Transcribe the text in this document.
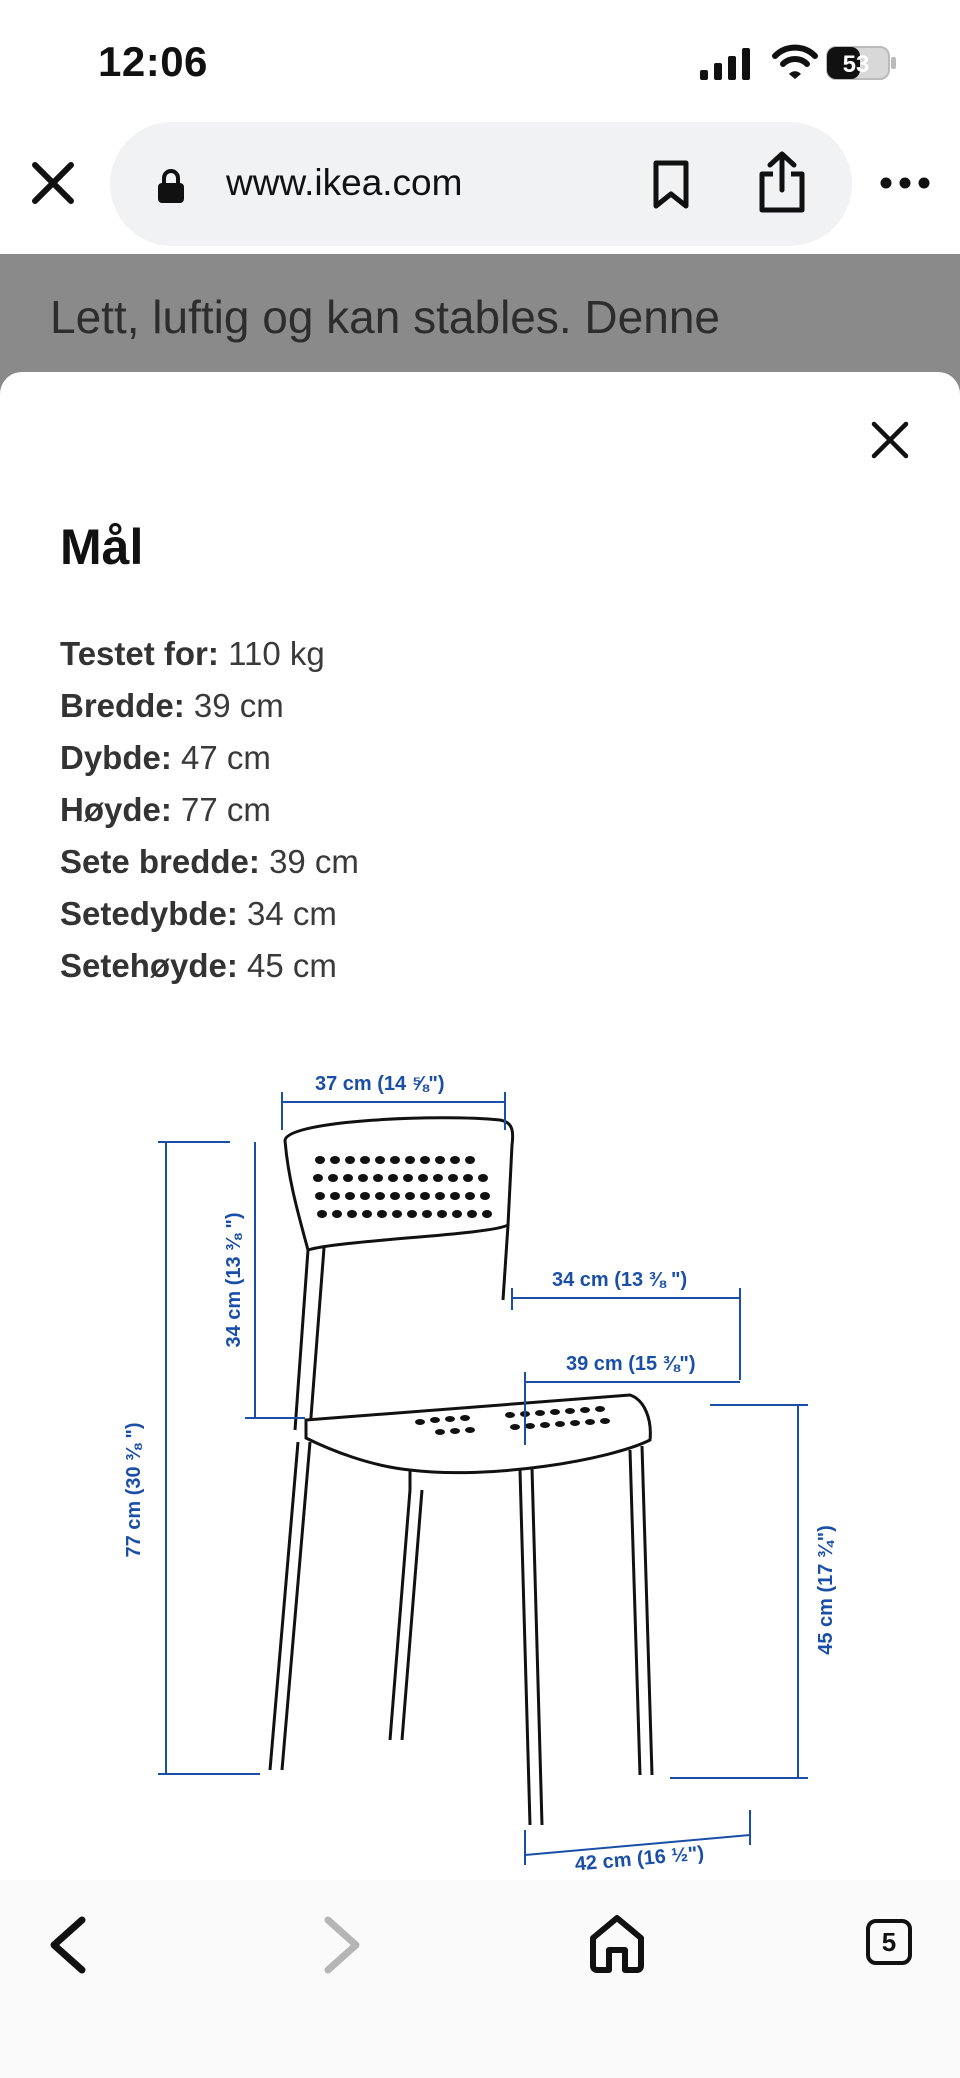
12:06	53
www.ikea.com
Lett, luftig og kan stables. Denne
Mål
Testet for: 110 kg
Bredde: 39 cm
Dybde: 47 cm
Høyde: 77 cm
Sete bredde: 39 cm
Setedybde: 34 cm
Setehøyde: 45 cm
37 cm (14 ⅝")
77 cm (30 ⅜ ")
34 cm (13 ⅜ ")	34 cm (13 ⅜ ")
39 cm (15 ⅜")
45 cm (17 ¾")
42 cm (16 ½")
5
